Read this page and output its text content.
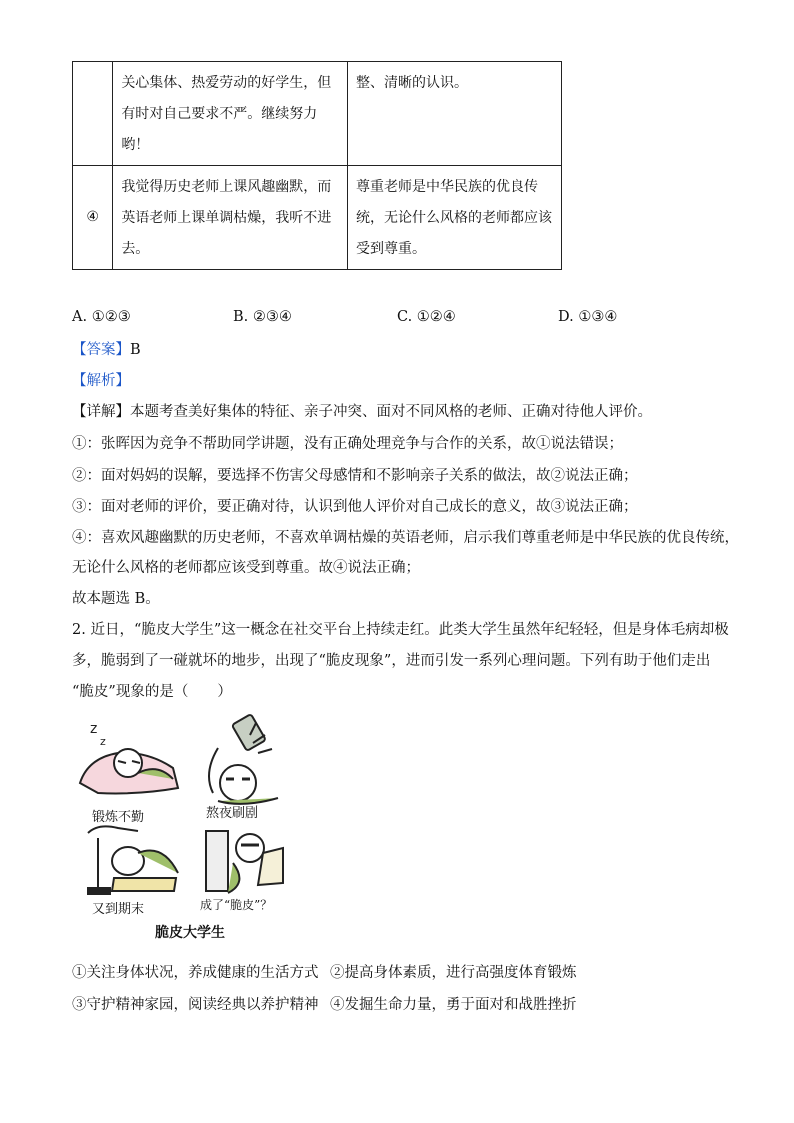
	关心集体、热爱劳动的好学生，但有时对自己要求不严。继续努力哟！	整、清晰的认识。
④	我觉得历史老师上课风趣幽默，而英语老师上课单调枯燥，我听不进去。	尊重老师是中华民族的优良传统，无论什么风格的老师都应该受到尊重。
A. ①②③	B. ②③④	C. ①②④	D. ①③④
【答案】B
【解析】
【详解】本题考查美好集体的特征、亲子冲突、面对不同风格的老师、正确对待他人评价。
①：张晖因为竞争不帮助同学讲题，没有正确处理竞争与合作的关系，故①说法错误；
②：面对妈妈的误解，要选择不伤害父母感情和不影响亲子关系的做法，故②说法正确；
③：面对老师的评价，要正确对待，认识到他人评价对自己成长的意义，故③说法正确；
④：喜欢风趣幽默的历史老师，不喜欢单调枯燥的英语老师，启示我们尊重老师是中华民族的优良传统，
无论什么风格的老师都应该受到尊重。故④说法正确；
故本题选 B。
2. 近日，“脆皮大学生”这一概念在社交平台上持续走红。此类大学生虽然年纪轻轻，但是身体毛病却极
多，脆弱到了一碰就坏的地步，出现了“脆皮现象”，进而引发一系列心理问题。下列有助于他们走出
“脆皮”现象的是（　　）
z
z
锻炼不勤	熬夜刷剧
又到期末	成了“脆皮”？
脆皮大学生
①关注身体状况，养成健康的生活方式 ②提高身体素质，进行高强度体育锻炼
③守护精神家园，阅读经典以养护精神 ④发掘生命力量，勇于面对和战胜挫折
